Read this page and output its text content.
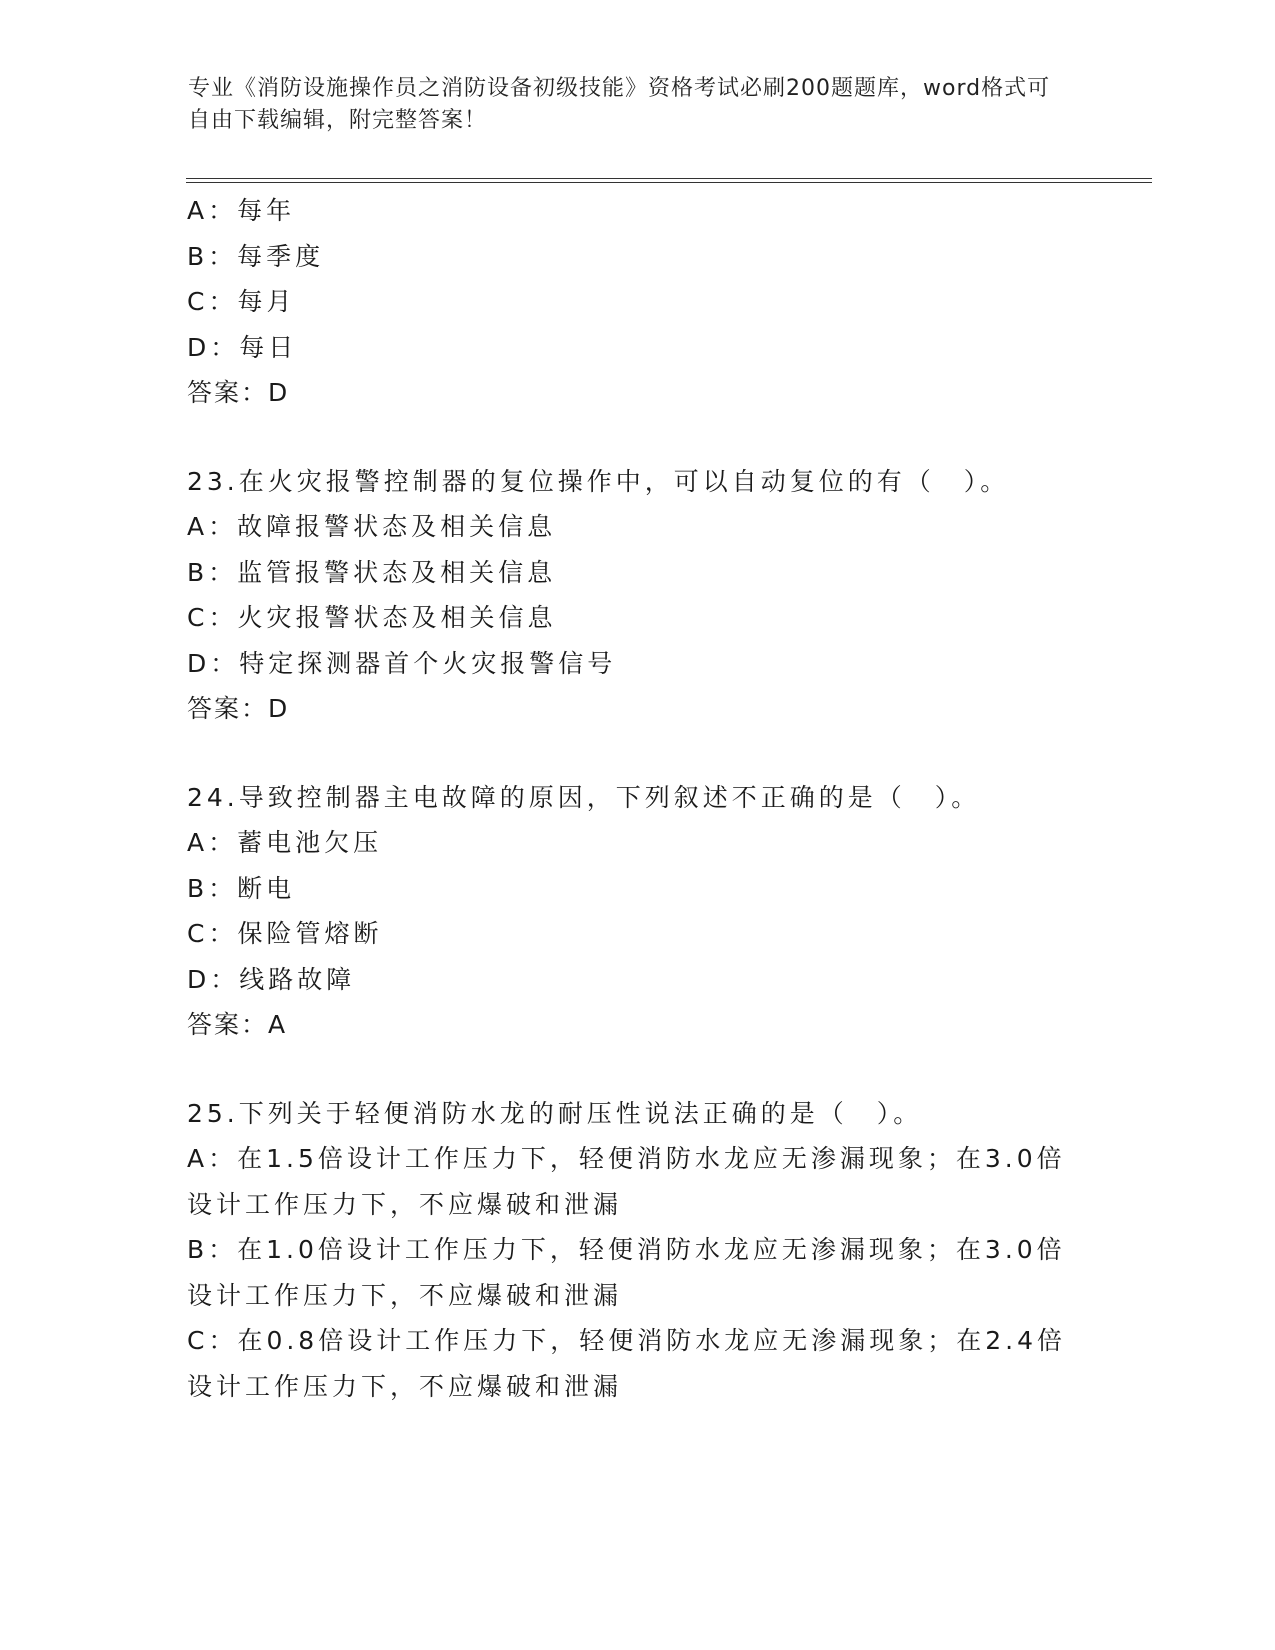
专业《消防设施操作员之消防设备初级技能》资格考试必刷200题题库，word格式可自由下载编辑，附完整答案！
A：每年
B：每季度
C：每月
D：每日
答案：D
23.在火灾报警控制器的复位操作中，可以自动复位的有（　）。
A：故障报警状态及相关信息
B：监管报警状态及相关信息
C：火灾报警状态及相关信息
D：特定探测器首个火灾报警信号
答案：D
24.导致控制器主电故障的原因，下列叙述不正确的是（　）。
A：蓄电池欠压
B：断电
C：保险管熔断
D：线路故障
答案：A
25.下列关于轻便消防水龙的耐压性说法正确的是（　）。
A：在1.5倍设计工作压力下，轻便消防水龙应无渗漏现象；在3.0倍设计工作压力下，不应爆破和泄漏
B：在1.0倍设计工作压力下，轻便消防水龙应无渗漏现象；在3.0倍设计工作压力下，不应爆破和泄漏
C：在0.8倍设计工作压力下，轻便消防水龙应无渗漏现象；在2.4倍设计工作压力下，不应爆破和泄漏
